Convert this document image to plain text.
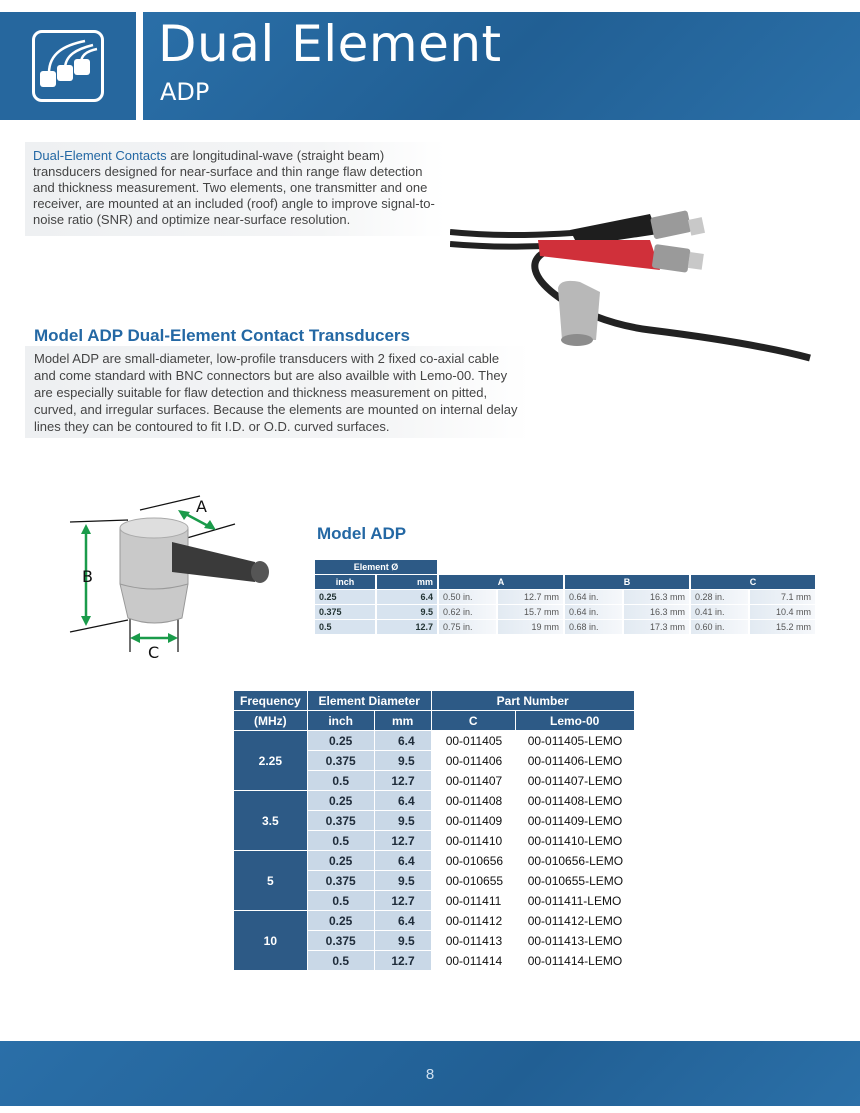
Dual Element
ADP
Dual-Element Contacts are longitudinal-wave (straight beam) transducers designed for near-surface and thin range flaw detection and thickness measurement. Two elements, one transmitter and one receiver, are mounted at an included (roof) angle to improve signal-to-noise ratio (SNR) and optimize near-surface resolution.
Model ADP are small-diameter, low-profile transducers with 2 fixed co-axial cable and come standard with BNC connectors but are also availble with Lemo-00. They are especially suitable for flaw detection and thickness measurement on pitted, curved, and irregular surfaces. Because the elements are mounted on internal delay lines they can be contoured to fit I.D. or O.D. curved surfaces.
Model ADP Dual-Element Contact Transducers
A
B
C
Model ADP
Element Ø							
inch	mm	A		B		C	
0.25	6.4	0.50 in.	12.7 mm	0.64 in.	16.3 mm	0.28 in.	7.1 mm
0.375	9.5	0.62 in.	15.7 mm	0.64 in.	16.3 mm	0.41 in.	10.4 mm
0.5	12.7	0.75 in.	19 mm	0.68 in.	17.3 mm	0.60 in.	15.2 mm
Frequency	Element Diameter		Part Number	
(MHz)	inch	mm	C	Lemo-00
2.25	0.25	6.4	00-011405	00-011405-LEMO
	0.375	9.5	00-011406	00-011406-LEMO
	0.5	12.7	00-011407	00-011407-LEMO
3.5	0.25	6.4	00-011408	00-011408-LEMO
	0.375	9.5	00-011409	00-011409-LEMO
	0.5	12.7	00-011410	00-011410-LEMO
5	0.25	6.4	00-010656	00-010656-LEMO
	0.375	9.5	00-010655	00-010655-LEMO
	0.5	12.7	00-011411	00-011411-LEMO
10	0.25	6.4	00-011412	00-011412-LEMO
	0.375	9.5	00-011413	00-011413-LEMO
	0.5	12.7	00-011414	00-011414-LEMO
8
